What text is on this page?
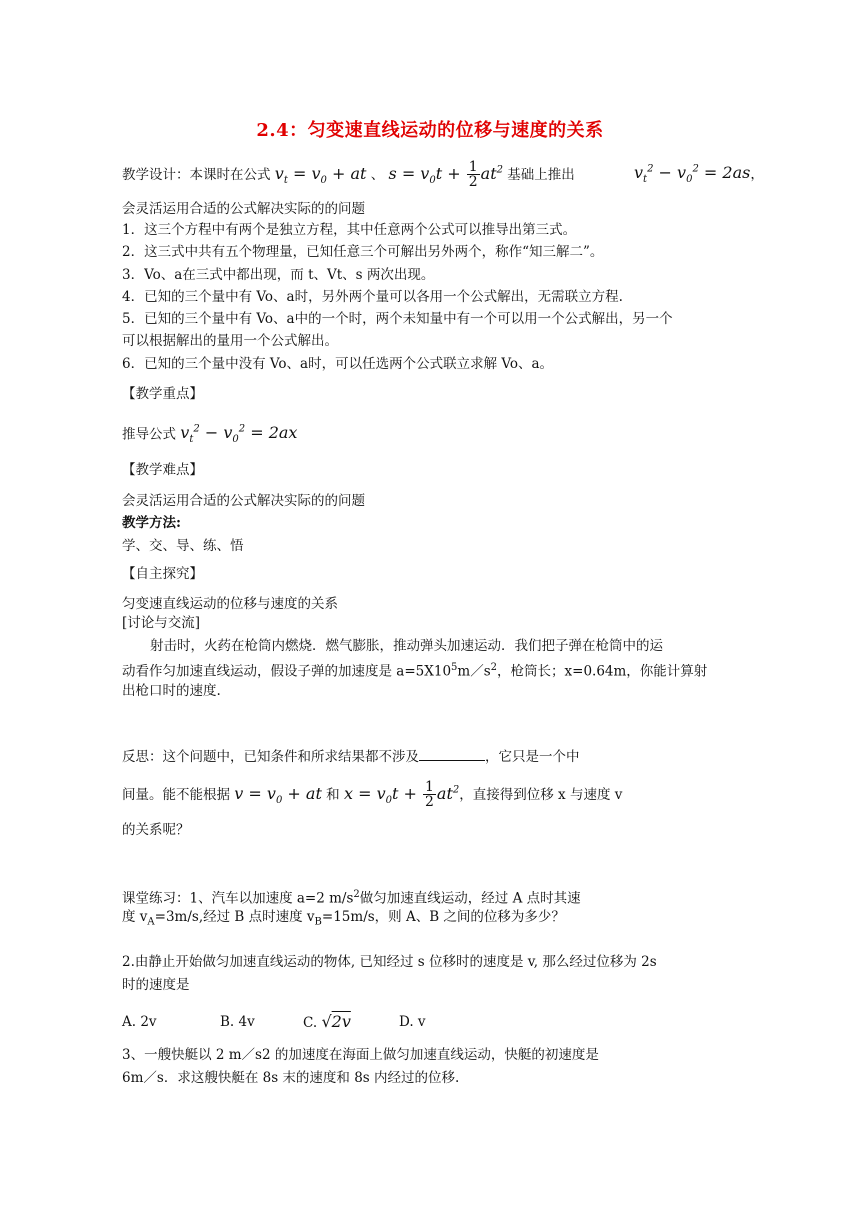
2.4：匀变速直线运动的位移与速度的关系
教学设计：本课时在公式 $v_t = v_0$ + at 、 $s = v_0t + \frac{1}{2} at^2$ 基础上推出	$v_t^2 - v_0^2 = 2as$，
会灵活运用合适的公式解决实际的的问题
1．这三个方程中有两个是独立方程，其中任意两个公式可以推导出第三式。
2．这三式中共有五个物理量，已知任意三个可解出另外两个，称作“知三解二”。
3．Vo、a在三式中都出现，而 t、Vt、s 两次出现。
4．已知的三个量中有 Vo、a时，另外两个量可以各用一个公式解出，无需联立方程.
5．已知的三个量中有 Vo、a中的一个时，两个未知量中有一个可以用一个公式解出，另一个
可以根据解出的量用一个公式解出。
6．已知的三个量中没有 Vo、a时，可以任选两个公式联立求解 Vo、a。
【教学重点】
推导公式 $v_t^2 - v_0^2 = 2ax$
【教学难点】
会灵活运用合适的公式解决实际的的问题
教学方法:
学、交、导、练、悟
【自主探究】
匀变速直线运动的位移与速度的关系
[讨论与交流]
射击时，火药在枪筒内燃烧．燃气膨胀，推动弹头加速运动．我们把子弹在枪筒中的运
动看作匀加速直线运动，假设子弹的加速度是 $a=5X10^5m/s^2$，枪筒长；x=0.64m，你能计算射
出枪口时的速度.
反思：这个问题中，已知条件和所求结果都不涉及	，它只是一个中
间量。能不能根据 $v = v_0$ + at 和 $x = v_0t + \frac{1}{2} at^2$，直接得到位移 x 与速度 v
的关系呢？
课堂练习：1、汽车以加速度 a=2 $m/s^2$做匀加速直线运动，经过 A 点时其速
度 $v_A=3m/s$,经过 B 点时速度 $v_B=15m/s$，则 A、B 之间的位移为多少？
2.由静止开始做匀加速直线运动的物体, 已知经过 s 位移时的速度是 v, 那么经过位移为 2s
时的速度是
A. 2v	B. 4v	C. √2v	D. v
3、一艘快艇以 2 m／s2 的加速度在海面上做匀加速直线运动，快艇的初速度是
6m／s．求这艘快艇在 8s 末的速度和 8s 内经过的位移.
